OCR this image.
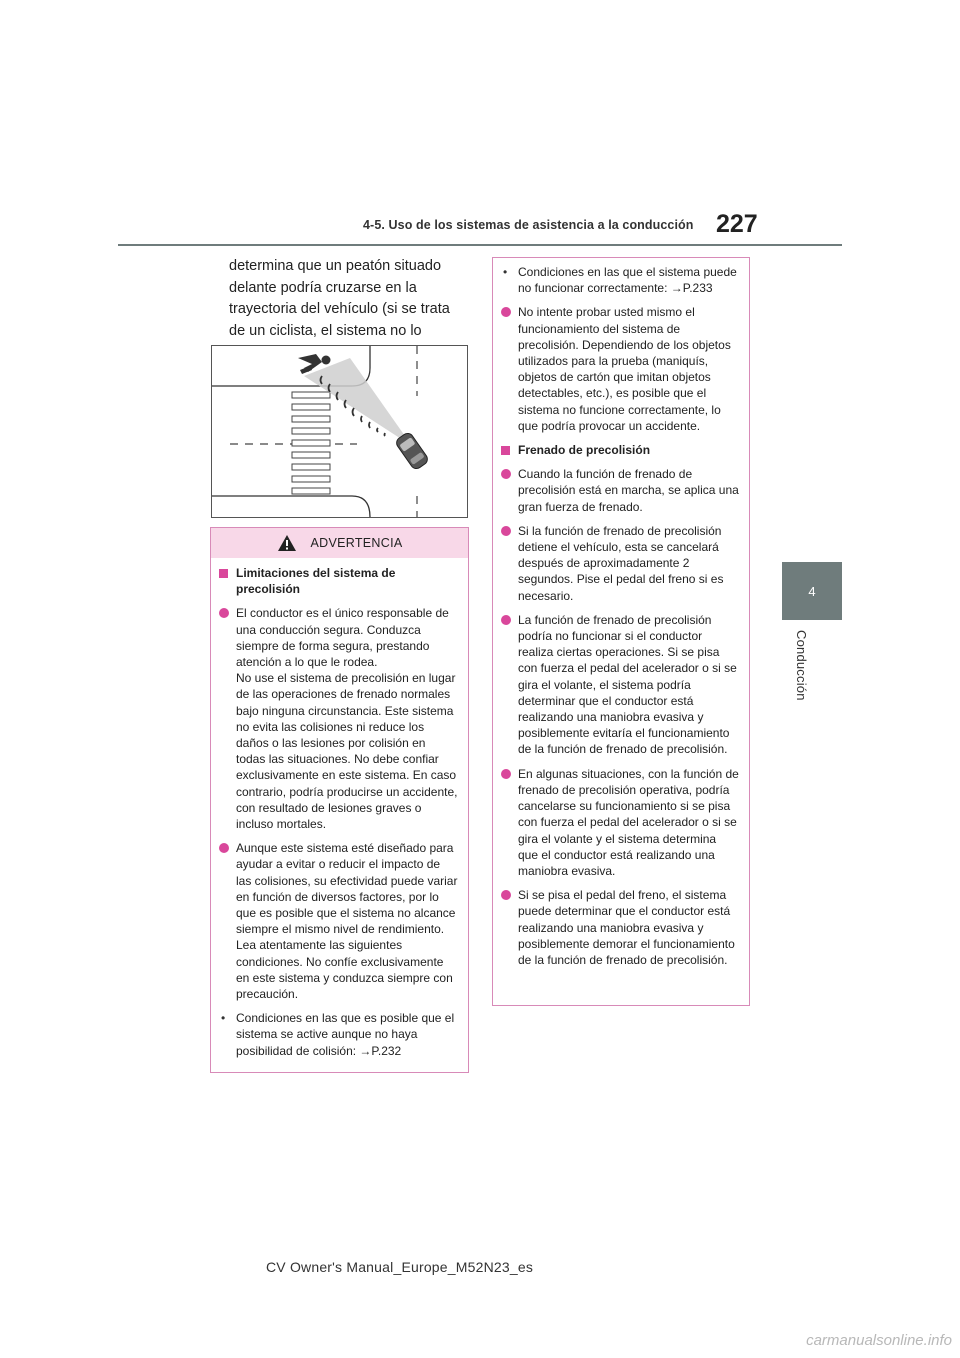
4-5. Uso de los sistemas de asistencia a la conducción 227
4
Conducción
determina que un peatón situado delante podría cruzarse en la trayectoria del vehículo (si se trata de un ciclista, el sistema no lo
ADVERTENCIA
Limitaciones del sistema de precolisión
El conductor es el único responsable de una conducción segura. Conduzca siempre de forma segura, prestando atención a lo que le rodea.
No use el sistema de precolisión en lugar de las operaciones de frenado normales bajo ninguna circunstancia. Este sistema no evita las colisiones ni reduce los daños o las lesiones por colisión en todas las situaciones. No debe confiar exclusivamente en este sistema. En caso contrario, podría producirse un accidente, con resultado de lesiones graves o incluso mortales.
Aunque este sistema esté diseñado para ayudar a evitar o reducir el impacto de las colisiones, su efectividad puede variar en función de diversos factores, por lo que es posible que el sistema no alcance siempre el mismo nivel de rendimiento.
Lea atentamente las siguientes condiciones. No confíe exclusivamente en este sistema y conduzca siempre con precaución.
• Condiciones en las que es posible que el sistema se active aunque no haya posibilidad de colisión: →P.232
• Condiciones en las que el sistema puede no funcionar correctamente: →P.233
No intente probar usted mismo el funcionamiento del sistema de precolisión. Dependiendo de los objetos utilizados para la prueba (maniquís, objetos de cartón que imitan objetos detectables, etc.), es posible que el sistema no funcione correctamente, lo que podría provocar un accidente.
Frenado de precolisión
Cuando la función de frenado de precolisión está en marcha, se aplica una gran fuerza de frenado.
Si la función de frenado de precolisión detiene el vehículo, esta se cancelará después de aproximadamente 2 segundos. Pise el pedal del freno si es necesario.
La función de frenado de precolisión podría no funcionar si el conductor realiza ciertas operaciones. Si se pisa con fuerza el pedal del acelerador o si se gira el volante, el sistema podría determinar que el conductor está realizando una maniobra evasiva y posiblemente evitaría el funcionamiento de la función de frenado de precolisión.
En algunas situaciones, con la función de frenado de precolisión operativa, podría cancelarse su funcionamiento si se pisa con fuerza el pedal del acelerador o si se gira el volante y el sistema determina que el conductor está realizando una maniobra evasiva.
Si se pisa el pedal del freno, el sistema puede determinar que el conductor está realizando una maniobra evasiva y posiblemente demorar el funcionamiento de la función de frenado de precolisión.
CV Owner's Manual_Europe_M52N23_es
carmanualsonline.info
